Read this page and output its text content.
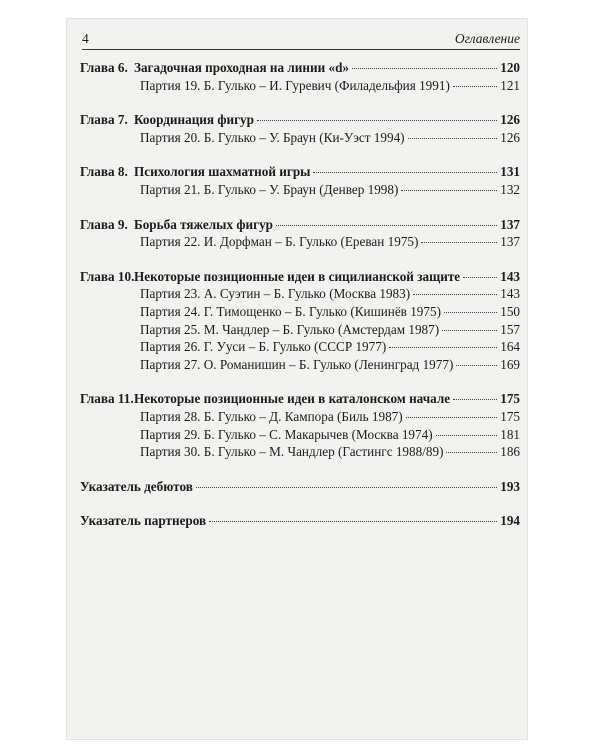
4	Оглавление
Глава 6. Загадочная проходная на линии «d»	120
Партия 19. Б. Гулько – И. Гуревич (Филадельфия 1991)	121
Глава 7. Координация фигур	126
Партия 20. Б. Гулько – У. Браун (Ки-Уэст 1994)	126
Глава 8. Психология шахматной игры	131
Партия 21. Б. Гулько – У. Браун (Денвер 1998)	132
Глава 9. Борьба тяжелых фигур	137
Партия 22. И. Дорфман – Б. Гулько (Ереван 1975)	137
Глава 10. Некоторые позиционные идеи в сицилианской защите	143
Партия 23. А. Суэтин – Б. Гулько (Москва 1983)	143
Партия 24. Г. Тимощенко – Б. Гулько (Кишинёв 1975)	150
Партия 25. М. Чандлер – Б. Гулько (Амстердам 1987)	157
Партия 26. Г. Ууси – Б. Гулько (СССР 1977)	164
Партия 27. О. Романишин – Б. Гулько (Ленинград 1977)	169
Глава 11. Некоторые позиционные идеи в каталонском начале	175
Партия 28. Б. Гулько – Д. Кампора (Биль 1987)	175
Партия 29. Б. Гулько – С. Макарычев (Москва 1974)	181
Партия 30. Б. Гулько – М. Чандлер (Гастингс 1988/89)	186
Указатель дебютов	193
Указатель партнеров	194
